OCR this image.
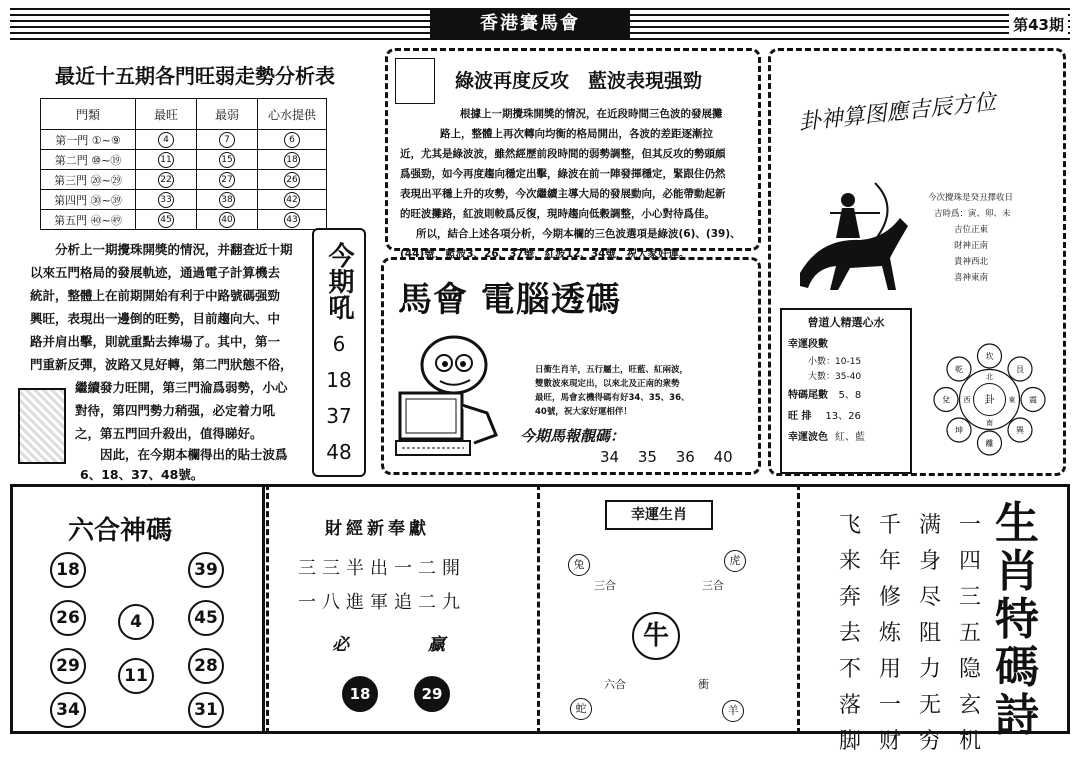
香港賽馬會	第43期
最近十五期各門旺弱走勢分析表
門類	最旺	最弱	心水提供
第一門 ①~⑨	4	7	6
第二門 ⑩~⑲	11	15	18
第三門 ⑳~㉙	22	27	26
第四門 ㉚~㊴	33	38	42
第五門 ㊵~㊾	45	40	43
分析上一期攪珠開獎的情況，并翻查近十期
以來五門格局的發展軌迹，通過電子計算機去
統計，整體上在前期開始有利于中路號碼强勁
興旺，表現出一邊倒的旺勢，目前趨向大、中
路并肩出擊，則就重點去捧場了。其中，第一
門重新反彈，波路又見好轉，第二門狀態不俗，
繼續發力旺開，第三門淪爲弱勢，小心
對待，第四門勢力稍强，必定着力吼
之，第五門回升殺出，值得睇好。
因此，在今期本欄得出的貼士波爲
6、18、37、48號。
今期吼
6
18
37
48
綠波再度反攻　藍波表現强勁
根據上一期攪珠開獎的情況，在近段時間三色波的發展攤
路上，整體上再次轉向均衡的格局開出，各波的差距逐漸拉
近，尤其是綠波波，雖然經歷前段時間的弱勢調整，但其反攻的勢頭頗
爲强勁，如今再度趨向穩定出擊，綠波在前一陣發揮穩定，緊跟住仍然
表現出平穩上升的攻勢，今次繼續主導大局的發展動向，必能帶動起新
的旺波攤路，紅波則較爲反復，現時趨向低穀調整，小心對待爲佳。
所以，結合上述各項分析，今期本欄的三色波選項是綠波(6)、(39)、
(44)號，藍波3、26、37號，紅波12、34號，祝大家好運。
馬會 電腦透碼
日衝生肖羊，五行屬土，旺藍、紅兩波，
雙數波來現定出，以來北及正南的衆勢
最旺，馬會玄機得碼有好34、35、36、
40號，祝大家好運相伴！
今期馬報靚碼：
34 35 36 40
卦神算图應吉辰方位
今次攪珠是癸丑擇收日
吉時爲：寅、卯、未
吉位正東
財神正南
貴神西北
喜神東南
曾道人精選心水
幸運段數
小數：10-15
大數：35-40
特碼尾數 5、8
旺 排 13、26
幸運波色 紅、藍
卦
坎
艮
震
巽
離
坤
兌
乾
北
東
南
西
六合神碼
18	39
26	4	45
29	11	28
34	31
財經新奉獻
三三半出一二開
一八進軍追二九
必	贏
18	29
幸運生肖
兔	虎
蛇	羊
三合	三合
六合	衝
牛
一四三五隐玄机
满身尽阻力无穷
千年修炼用一财
飞来奔去不落脚
生肖特碼詩
